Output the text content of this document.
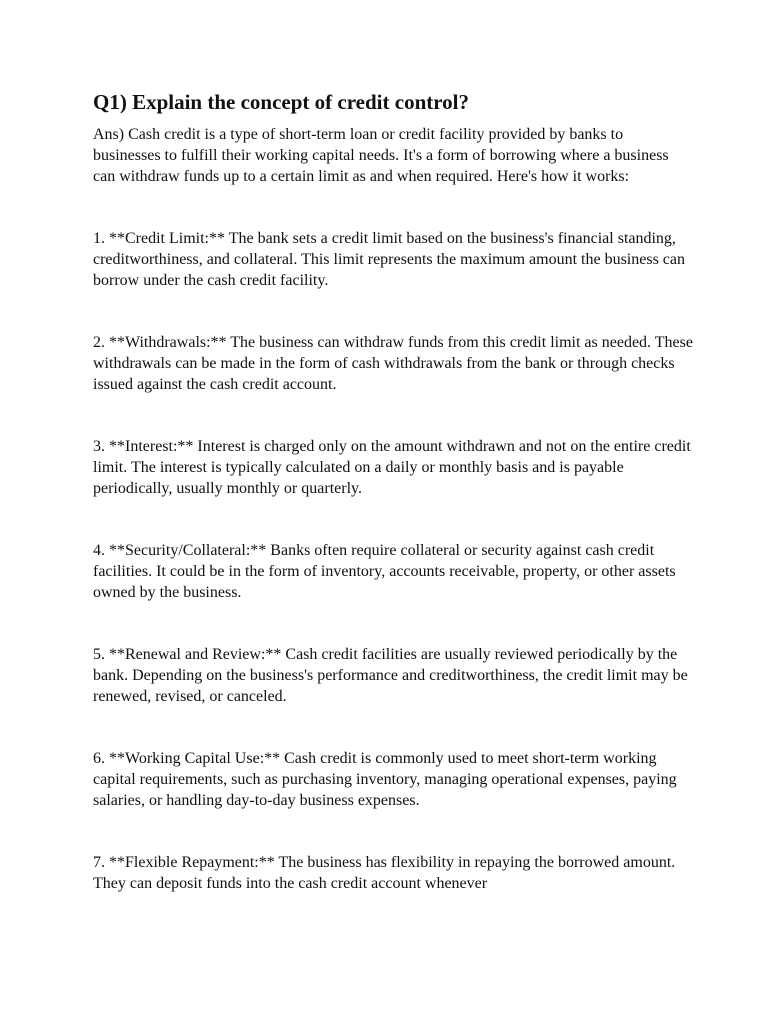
Q1) Explain the concept of credit control?

Ans) Cash credit is a type of short-term loan or credit facility provided by banks to businesses to fulfill their working capital needs. It's a form of borrowing where a business can withdraw funds up to a certain limit as and when required. Here's how it works:

1. **Credit Limit:** The bank sets a credit limit based on the business's financial standing, creditworthiness, and collateral. This limit represents the maximum amount the business can borrow under the cash credit facility.

2. **Withdrawals:** The business can withdraw funds from this credit limit as needed. These withdrawals can be made in the form of cash withdrawals from the bank or through checks issued against the cash credit account.

3. **Interest:** Interest is charged only on the amount withdrawn and not on the entire credit limit. The interest is typically calculated on a daily or monthly basis and is payable periodically, usually monthly or quarterly.

4. **Security/Collateral:** Banks often require collateral or security against cash credit facilities. It could be in the form of inventory, accounts receivable, property, or other assets owned by the business.

5. **Renewal and Review:** Cash credit facilities are usually reviewed periodically by the bank. Depending on the business's performance and creditworthiness, the credit limit may be renewed, revised, or canceled.

6. **Working Capital Use:** Cash credit is commonly used to meet short-term working capital requirements, such as purchasing inventory, managing operational expenses, paying salaries, or handling day-to-day business expenses.

7. **Flexible Repayment:** The business has flexibility in repaying the borrowed amount. They can deposit funds into the cash credit account whenever
